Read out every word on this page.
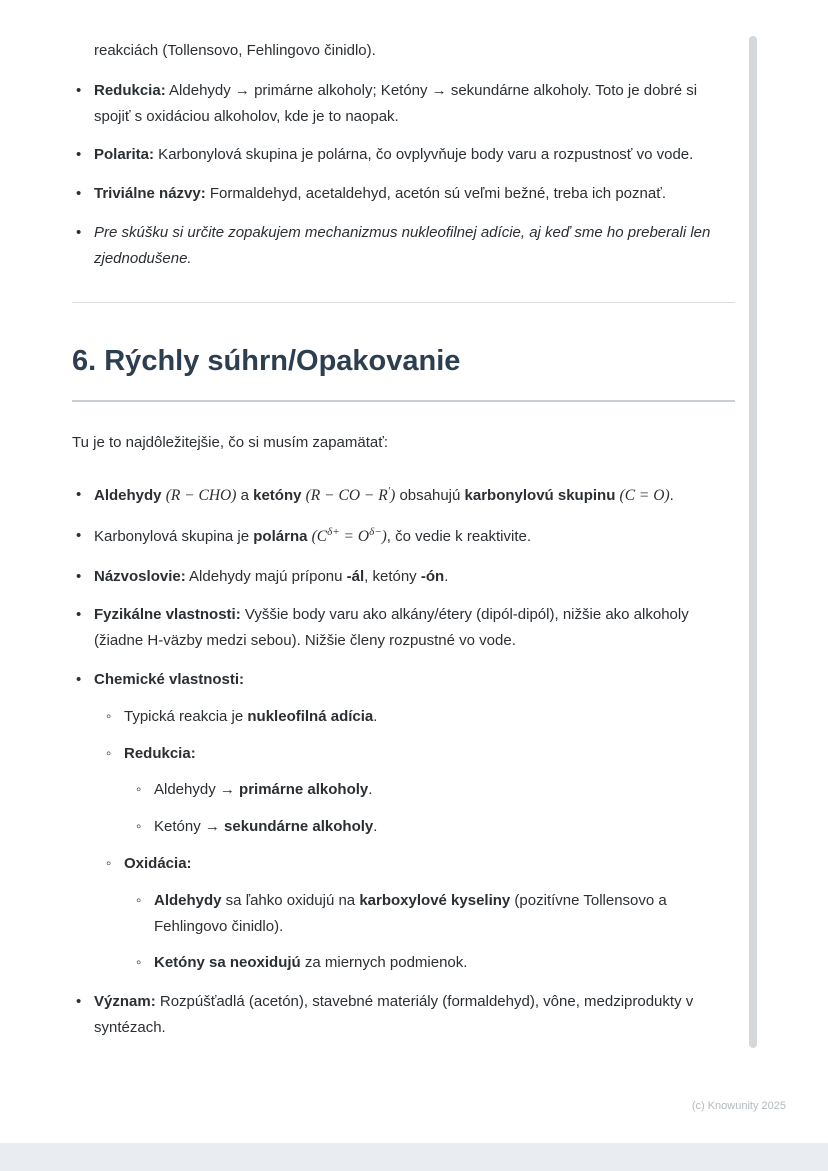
reakciách (Tollensovo, Fehlingovo činidlo).

• Redukcia: Aldehydy → primárne alkoholy; Ketóny → sekundárne alkoholy. Toto je dobré si spojiť s oxidáciou alkoholov, kde je to naopak.
• Polarita: Karbonylová skupina je polárna, čo ovplyvňuje body varu a rozpustnosť vo vode.
• Triviálne názvy: Formaldehyd, acetaldehyd, acetón sú veľmi bežné, treba ich poznať.
• Pre skúšku si určite zopakujem mechanizmus nukleofilnej adície, aj keď sme ho preberali len zjednodušene.
6. Rýchly súhrn/Opakovanie

Tu je to najdôležitejšie, čo si musím zapamätať:

• Aldehydy (R − CHO) a ketóny (R − CO − R′) obsahujú karbonylovú skupinu (C = O).
• Karbonylová skupina je polárna $(C^{\delta+} = O^{\delta-})$, čo vedie k reaktivite.
• Názvoslovie: Aldehydy majú príponu -ál, ketóny -ón.
• Fyzikálne vlastnosti: Vyššie body varu ako alkány/étery (dipól-dipól), nižšie ako alkoholy (žiadne H-väzby medzi sebou). Nižšie členy rozpustné vo vode.
• Chemické vlastnosti:
◦ Typická reakcia je nukleofilná adícia.
◦ Redukcia:
◦ Aldehydy → primárne alkoholy.
◦ Ketóny → sekundárne alkoholy.
◦ Oxidácia:
◦ Aldehydy sa ľahko oxidujú na karboxylové kyseliny (pozitívne Tollensovo a Fehlingovo činidlo).
◦ Ketóny sa neoxidujú za miernych podmienok.
• Význam: Rozpúšťadlá (acetón), stavebné materiály (formaldehyd), vône, medziprodukty v syntézach.
(c) Knowunity 2025
